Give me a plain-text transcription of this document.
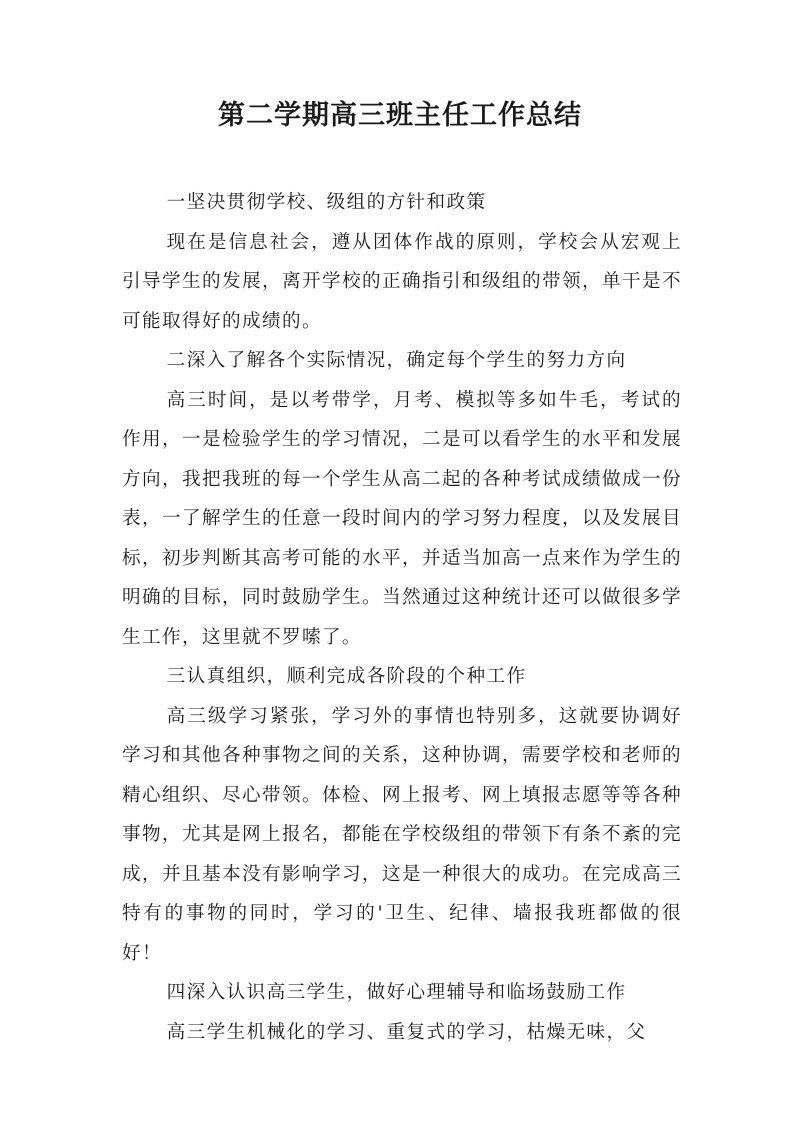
第二学期高三班主任工作总结

一坚决贯彻学校、级组的方针和政策

现在是信息社会，遵从团体作战的原则，学校会从宏观上引导学生的发展，离开学校的正确指引和级组的带领，单干是不可能取得好的成绩的。

二深入了解各个实际情况，确定每个学生的努力方向

高三时间，是以考带学，月考、模拟等多如牛毛，考试的作用，一是检验学生的学习情况，二是可以看学生的水平和发展方向，我把我班的每一个学生从高二起的各种考试成绩做成一份表，一了解学生的任意一段时间内的学习努力程度，以及发展目标，初步判断其高考可能的水平，并适当加高一点来作为学生的明确的目标，同时鼓励学生。当然通过这种统计还可以做很多学生工作，这里就不罗嗦了。

三认真组织，顺利完成各阶段的个种工作

高三级学习紧张，学习外的事情也特别多，这就要协调好学习和其他各种事物之间的关系，这种协调，需要学校和老师的精心组织、尽心带领。体检、网上报考、网上填报志愿等等各种事物，尤其是网上报名，都能在学校级组的带领下有条不紊的完成，并且基本没有影响学习，这是一种很大的成功。在完成高三特有的事物的同时，学习的'卫生、纪律、墙报我班都做的很好！

四深入认识高三学生，做好心理辅导和临场鼓励工作

高三学生机械化的学习、重复式的学习，枯燥无味，父
